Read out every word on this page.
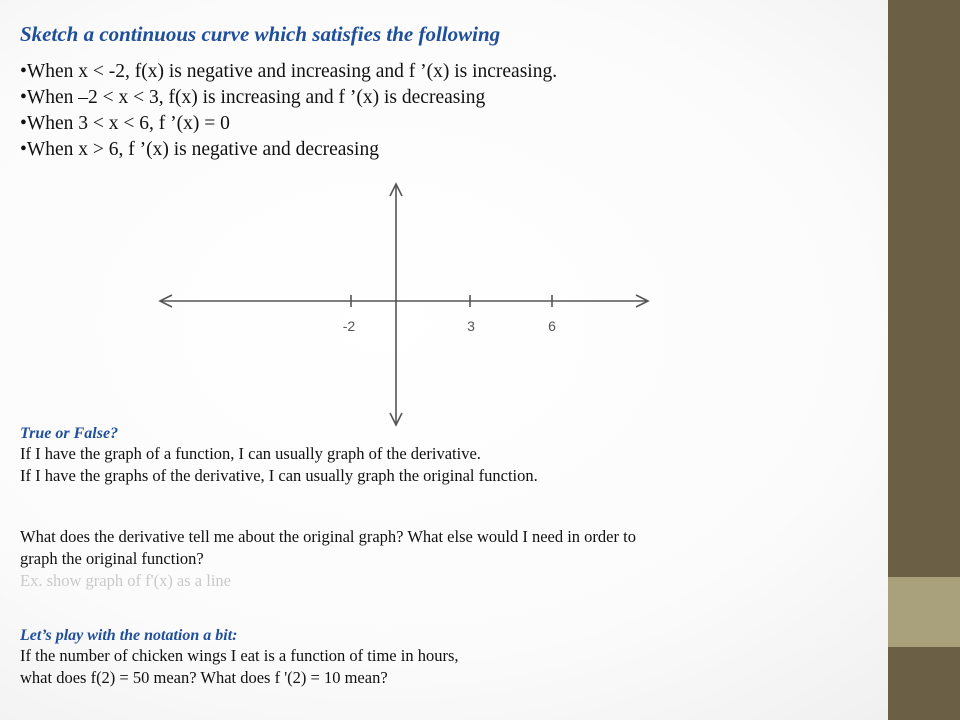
Sketch a continuous curve which satisfies the following
•When x < -2, f(x) is negative and increasing and f ’(x) is increasing.
•When –2 < x < 3, f(x) is increasing and f ’(x) is decreasing
•When 3 < x < 6, f ’(x) = 0
•When x > 6, f ’(x) is negative and decreasing
-2	3	6
True or False?
If I have the graph of a function, I can usually graph of the derivative.
If I have the graphs of the derivative, I can usually graph the original function.
What does the derivative tell me about the original graph? What else would I need in order to
graph the original function?
Ex. show graph of f'(x) as a line
Let’s play with the notation a bit:
If the number of chicken wings I eat is a function of time in hours,
what does f(2) = 50 mean? What does f '(2) = 10 mean?
